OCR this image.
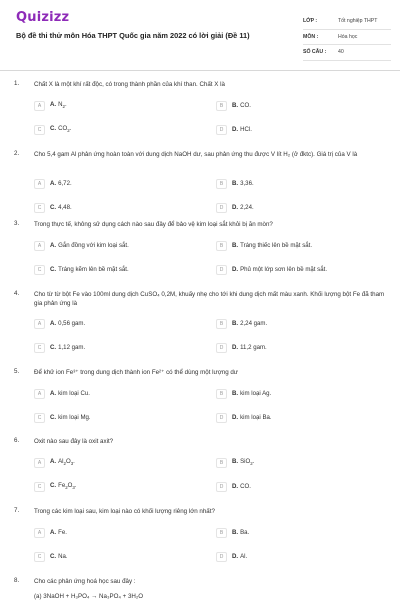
Quizizz
Bộ đề thi thử môn Hóa THPT Quốc gia năm 2022 có lời giải (Đề 11)
LỚP :	Tốt nghiệp THPT
MÔN :	Hóa học
SỐ CÂU :	40
1. Chất X là một khí rất độc, có trong thành phần của khí than. Chất X là
A	A. $N_2$.	B	B. CO.
C	C. $CO_2$.	D	D. HCl.
2. Cho 5,4 gam Al phản ứng hoàn toàn với dung dịch NaOH dư, sau phản ứng thu được V lít H₂ (ở đktc). Giá trị của V là
A	A. 6,72.	B	B. 3,36.
C	C. 4,48.	D	D. 2,24.
3. Trong thực tế, không sử dụng cách nào sau đây để bảo vệ kim loại sắt khỏi bị ăn mòn?
A	A. Gắn đồng với kim loại sắt.	B	B. Tráng thiếc lên bề mặt sắt.
C	C. Tráng kẽm lên bề mặt sắt.	D	D. Phủ một lớp sơn lên bề mặt sắt.
4. Cho từ từ bột Fe vào 100ml dung dịch CuSO₄ 0,2M, khuấy nhẹ cho tới khi dung dịch mất màu xanh. Khối lượng bột Fe đã tham gia phản ứng là
A	A. 0,56 gam.	B	B. 2,24 gam.
C	C. 1,12 gam.	D	D. 11,2 gam.
5. Để khử ion Fe³⁺ trong dung dịch thành ion Fe²⁺ có thể dùng một lượng dư
A	A. kim loại Cu.	B	B. kim loại Ag.
C	C. kim loại Mg.	D	D. kim loại Ba.
6. Oxit nào sau đây là oxit axit?
A	A. $Al_2O_3$.	B	B. SiO$_2$.
C	C. $Fe_2O_3$.	D	D. CO.
7. Trong các kim loại sau, kim loại nào có khối lượng riêng lớn nhất?
A	A. Fe.	B	B. Ba.
C	C. Na.	D	D. Al.
8. Cho các phản ứng hoá học sau đây :
(a) 3NaOH + H₃PO₄ → Na₃PO₄ + 3H₂O
